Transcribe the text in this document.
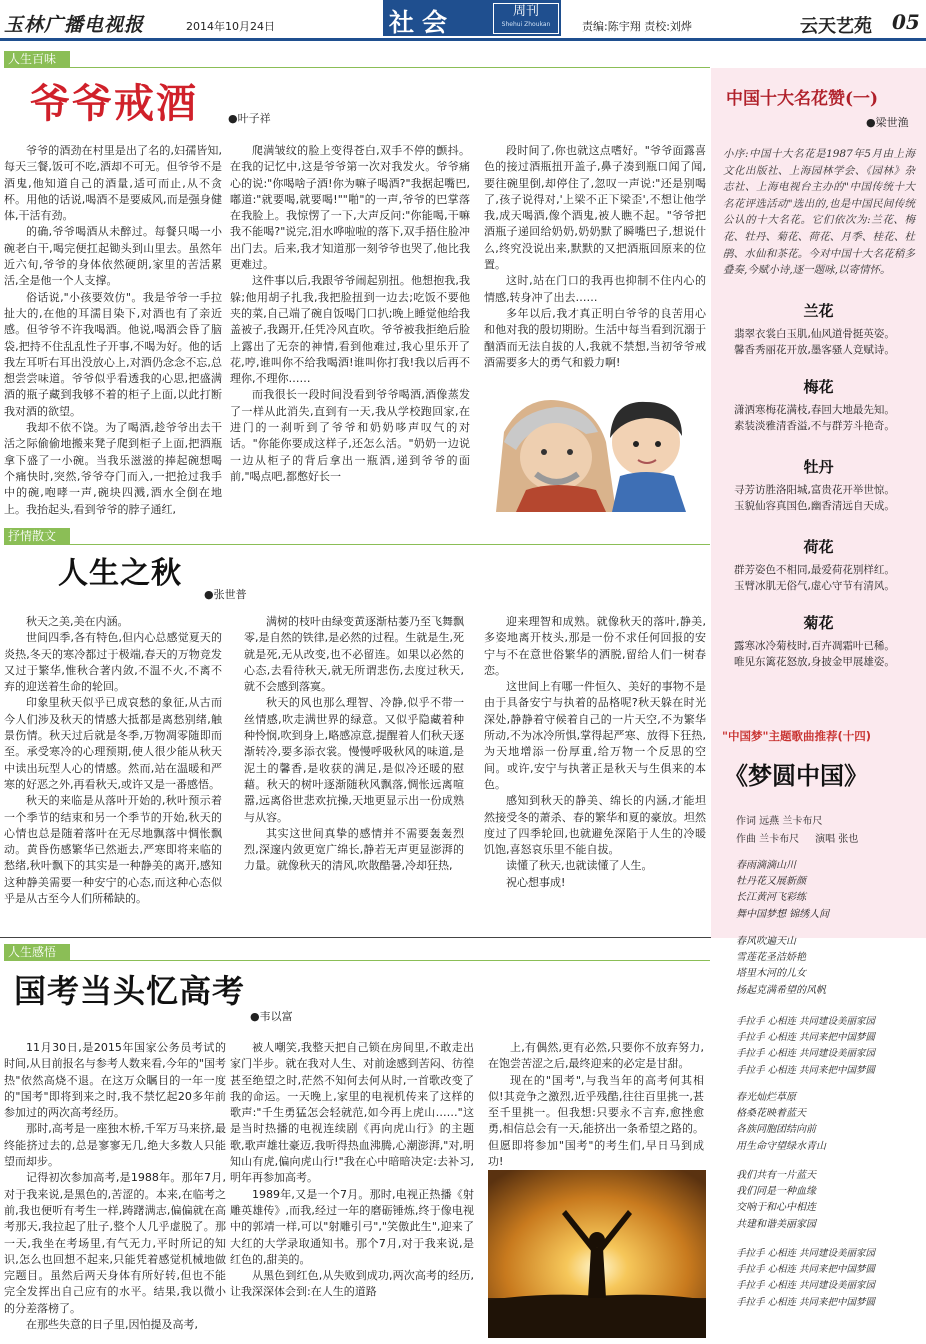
玉林广播电视报	2014年10月24日	社会	周刊
Shehui Zhoukan	责编:陈宇翔 责校:刘烨	云天艺苑 05
人生百味
爷爷戒酒	●叶子祥

爷爷的酒劲在村里是出了名的,妇孺皆知,每天三餐,饭可不吃,酒却不可无。但爷爷不是酒鬼,他知道自己的酒量,适可而止,从不贪杯。用他的话说,喝酒不是要威风,而是强身健体,干活有劲。

的确,爷爷喝酒从未醉过。每餐只喝一小碗老白干,喝完便扛起锄头到山里去。虽然年近六旬,爷爷的身体依然硬朗,家里的苦活累活,全是他一个人支撑。

俗话说,"小孩要效仿"。我是爷爷一手拉扯大的,在他的耳濡目染下,对酒也有了亲近感。但爷爷不许我喝酒。他说,喝酒会昏了脑袋,把持不住乱乱性子开事,不喝为好。他的话我左耳听右耳出没放心上,对酒仍念念不忘,总想尝尝味道。爷爷似乎看透我的心思,把盛满酒的瓶子藏到我够不着的柜子上面,以此打断我对酒的欲望。

我却不依不饶。为了喝酒,趁爷爷出去干活之际偷偷地搬来凳子爬到柜子上面,把酒瓶拿下盛了一小碗。当我乐滋滋的捧起碗想喝个痛快时,突然,爷爷夺门而入,一把抢过我手中的碗,咆哮一声,碗块四溅,酒水全倒在地上。我抬起头,看到爷爷的脖子通红,

爬满皱纹的脸上变得苍白,双手不停的颤抖。在我的记忆中,这是爷爷第一次对我发火。爷爷痛心的说:"你喝啥子酒!你为嘛子喝酒?"我据起嘴巴,嘟道:"就要喝,就要喝!""啪"的一声,爷爷的巴掌落在我脸上。我惊愣了一下,大声反问:"你能喝,干嘛我不能喝?"说完,泪水哗啦啦的落下,双手捂住脸冲出门去。后来,我才知道那一刻爷爷也哭了,他比我更难过。

这件事以后,我跟爷爷闹起别扭。他想抱我,我躲;他用胡子扎我,我把脸扭到一边去;吃饭不要他夹的菜,自己端了碗自饭喝门口扒;晚上睡觉他给我盖被子,我踢开,任凭冷风直吹。爷爷被我拒绝后脸上露出了无奈的神情,看到他难过,我心里乐开了花,哼,谁叫你不给我喝酒!谁叫你打我!我以后再不理你,不理你……

而我很长一段时间没看到爷爷喝酒,酒像蒸发了一样从此消失,直到有一天,我从学校跑回家,在进门的一刹听到了爷爷和奶奶哆声叹气的对话。"你能你要成这样子,还怎么活。"奶奶一边说一边从柜子的背后拿出一瓶酒,递到爷爷的面前,"喝点吧,都憋好长一

段时间了,你也就这点嗜好。"爷爷面露喜色的接过酒瓶扭开盖子,鼻子凑到瓶口闻了闻,要往碗里倒,却停住了,忽叹一声说:"还是别喝了,孩子说得对,'上梁不正下梁歪',不想让他学我,成天喝酒,像个酒鬼,被人瞧不起。"爷爷把酒瓶子递回给奶奶,奶奶默了瞬嘴巴子,想说什么,终究没说出来,默默的又把酒瓶回原来的位置。

这时,站在门口的我再也抑制不住内心的情感,转身冲了出去……

多年以后,我才真正明白爷爷的良苦用心和他对我的殷切期盼。生活中每当看到沉溺于酗酒而无法自拔的人,我就不禁想,当初爷爷戒酒需要多大的勇气和毅力啊!

抒情散文
人生之秋
●张世普

秋天之美,美在内涵。

世间四季,各有特色,但内心总感觉夏天的炎热,冬天的寒冷都过于极端,春天的万物竞发又过于繁华,惟秋合著内敛,不温不火,不离不弃的迎送着生命的轮回。

印象里秋天似乎已成哀愁的象征,从古而今人们涉及秋天的情感大抵都是离愁别绪,触景伤情。秋天过后就是冬季,万物凋零随即而至。承受寒冷的心理预期,使人很少能从秋天中读出玩型人心的情感。然而,站在温暖和严寒的好恶之外,再看秋天,或许又是一番感悟。

秋天的来临是从落叶开始的,秋叶预示着一个季节的结束和另一个季节的开始,秋天的心情也总是随着落叶在无尽地飘落中惆怅飘动。黄昏伤感繁华已然逝去,严寒即将来临的愁绪,秋叶飘下的其实是一种静美的离开,感知这种静美需要一种安宁的心态,而这种心态似乎是从古至今人们所稀缺的。

满树的枝叶由绿变黄逐渐枯萎乃至飞舞飘零,是自然的铁律,是必然的过程。生就是生,死就是死,无从改变,也不必留连。如果以必然的心态,去看待秋天,就无所谓悲伤,去度过秋天,就不会感到落寞。

秋天的风也那么理智、冷静,似乎不带一丝情感,吹走满世界的绿意。又似乎隐藏着种种怜悯,吹到身上,略感凉意,提醒着人们秋天逐渐转冷,要多添衣裳。慢慢呼吸秋风的味道,是泥土的馨香,是收获的满足,是似冷还暖的慰藉。秋天的树叶逐渐随秋风飘落,惆怅远离喧嚣,远离俗世悲欢抗操,天地更显示出一份成熟与从容。

其实这世间真挚的感情并不需要轰轰烈烈,深邃内敛更宽广绵长,静若无声更显澎湃的力量。就像秋天的清风,吹散酷暑,冷却狂热,

迎来理智和成熟。就像秋天的落叶,静美,多姿地离开枝头,那是一份不求任何回报的安宁与不在意世俗繁华的洒脱,留给人们一树春恋。

这世间上有哪一件恒久、美好的事物不是由于具备安宁与执着的品格呢?秋天躲在时光深处,静静着守候着自己的一片天空,不为繁华所动,不为冰冷所惧,掌得起严寒、放得下狂热,为天地增添一份厚重,给万物一个反思的空间。或许,安宁与执著正是秋天与生俱来的本色。

感知到秋天的静美、绵长的内涵,才能坦然接受冬的萧杀、春的繁华和夏的豪放。坦然度过了四季轮回,也就避免深陷于人生的冷暖饥饱,喜怒哀乐里不能自拔。

读懂了秋天,也就读懂了人生。

祝心想事成!

人生感悟
国考当头忆高考
●韦以富

11月30日,是2015年国家公务员考试的时间,从目前报名与参考人数来看,今年的"国考热"依然高烧不退。在这万众瞩目的一年一度的"国考"即将到来之时,我不禁忆起20多年前参加过的两次高考经历。

那时,高考是一座独木桥,千军万马来挤,最终能挤过去的,总是寥寥无几,绝大多数人只能望而却步。

记得初次参加高考,是1988年。那年7月,对于我来说,是黑色的,苦涩的。本来,在临考之前,我也便听有考生一样,踌躇满志,偏偏就在高考那天,我拉起了肚子,整个人几乎虚脱了。那一天,我坐在考场里,有气无力,平时所记的知识,怎么也回想不起来,只能凭着感觉机械地做完题目。虽然后两天身体有所好转,但也不能完全发挥出自己应有的水平。结果,我以微小的分差落榜了。

在那些失意的日子里,因怕提及高考,

被人嘲笑,我整天把自己锁在房间里,不敢走出家门半步。就在我对人生、对前途感到苦闷、彷徨甚至绝望之时,茫然不知何去何从时,一首歌改变了我的命运。一天晚上,家里的电视机传来了这样的歌声:"千生勇猛怎会轻就范,如今再上虎山……"这是当时热播的电视连续剧《再向虎山行》的主题歌,歌声雄壮豪迈,我听得热血沸腾,心潮澎湃,"对,明知山有虎,偏向虎山行!"我在心中暗暗决定:去补习,明年再参加高考。

1989年,又是一个7月。那时,电视正热播《射雕英雄传》,而我,经过一年的磨砺锤炼,终于像电视中的郭靖一样,可以"射雕引弓","笑傲此生",迎来了大红的大学录取通知书。那个7月,对于我来说,是红色的,甜美的。

从黑色到红色,从失败到成功,两次高考的经历,让我深深体会到:在人生的道路

上,有偶然,更有必然,只要你不放弃努力,在饱尝苦涩之后,最终迎来的必定是甘甜。

现在的"国考",与我当年的高考何其相似!其竞争之激烈,近乎残酷,往往百里挑一,甚至千里挑一。但我想:只要永不言弃,愈挫愈勇,相信总会有一天,能挤出一条希望之路的。但愿即将参加"国考"的考生们,早日马到成功!

中国十大名花赞(一)
●梁世渔
小序:中国十大名花是1987年5月由上海文化出版社、上海园林学会、《园林》杂志社、上海电视台主办的"中国传统十大名花评选活动"选出的,也是中国民间传统公认的十大名花。它们依次为:兰花、梅花、牡丹、菊花、荷花、月季、桂花、杜鹃、水仙和茶花。今对中国十大名花稍多叠奏,今赋小诗,逐一题咏,以寄情怀。
兰花
翡翠衣裳白玉肌,仙风道骨挺英姿。
馨香秀丽花开放,墨客骚人竞赋诗。
梅花
潇洒寒梅花满枝,春回大地最先知。
素装淡雅清香溢,不与群芳斗艳奇。
牡丹
寻芳访胜洛阳城,富贵花开举世惊。
玉貌仙容真国色,幽香清远自天成。
荷花
群芳姿色不相同,最爱荷花别样红。
玉臂冰肌无俗气,虚心守节有清风。
菊花
露寒冰冷菊枝时,百卉凋霜叶已稀。
唯见东篱花怒放,身披金甲展雄姿。
"中国梦"主题歌曲推荐(十四)
《梦圆中国》
作词 远燕 兰卡布尺
作曲 兰卡布尺     演唱 张也
春雨滴滴山川
牡丹花又展新颜
长江黄河飞彩练
舞中国梦想 锦绣人间
春风吹遍天山
雪莲花圣洁娇艳
塔里木河的儿女
扬起克满希望的风帆
手拉手 心相连 共同建设美丽家园
手拉手 心相连 共同来把中国梦圆
手拉手 心相连 共同建设美丽家园
手拉手 心相连 共同来把中国梦圆
春光灿烂草原
格桑花映着蓝天
各族同胞团结向前
用生命守望绿水青山
我们共有一片蓝天
我们同是一种血缘
交响于和心中相连
共建和谐美丽家园
手拉手 心相连 共同建设美丽家园
手拉手 心相连 共同来把中国梦圆
手拉手 心相连 共同建设美丽家园
手拉手 心相连 共同来把中国梦圆
